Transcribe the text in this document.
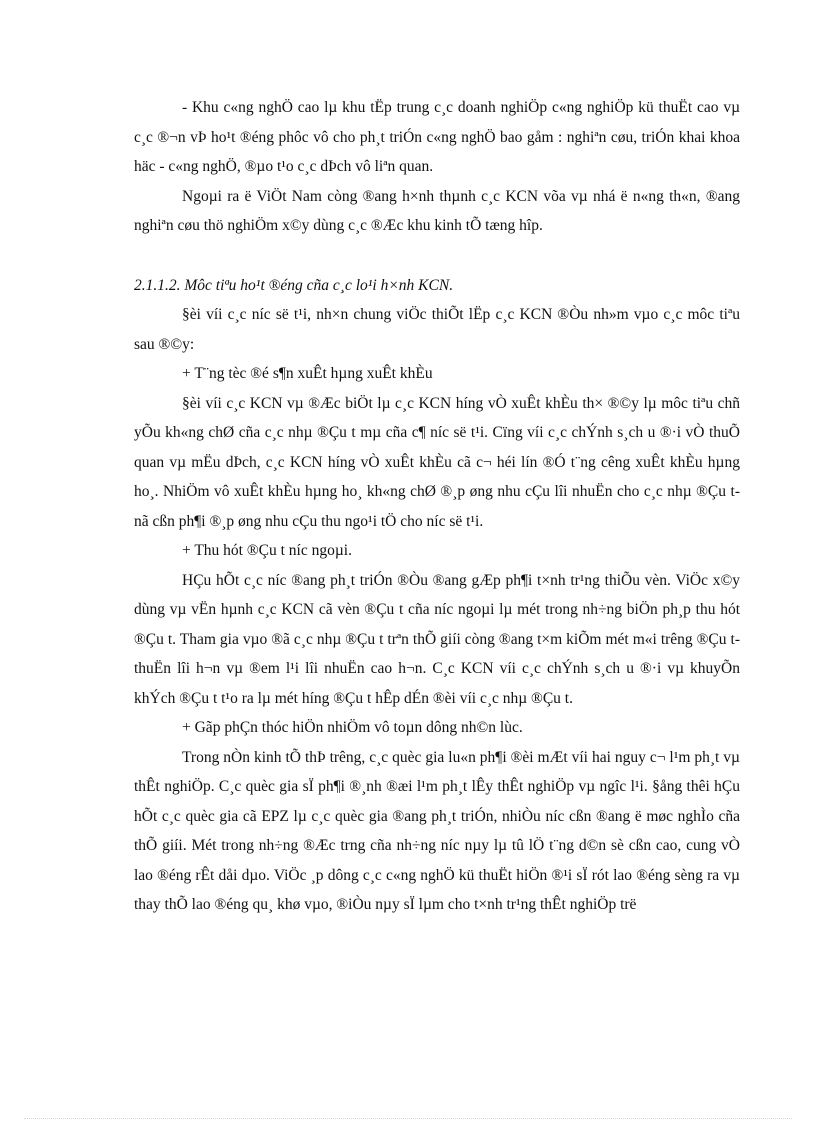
- Khu c«ng nghÖ cao lµ khu tËp trung c¸c doanh nghiÖp c«ng nghiÖp kü thuËt cao vµ c¸c ®¬n vÞ ho¹t ®éng phôc vô cho ph¸t triÓn c«ng nghÖ bao gåm : nghiªn cøu, triÓn khai khoa häc - c«ng nghÖ, ®µo t¹o c¸c dÞch vô liªn quan.

Ngoµi ra ë ViÖt Nam còng ®ang h×nh thµnh c¸c KCN võa vµ nhá ë n«ng th«n, ®ang nghiªn cøu thö nghiÖm x©y dùng c¸c ®Æc khu kinh tÕ tæng hîp.

2.1.1.2. Môc tiªu ho¹t ®éng cña c¸c lo¹i h×nh KCN.

§èi víi c¸c níc së t¹i, nh×n chung viÖc thiÕt lËp c¸c KCN ®Òu nh»m vµo c¸c môc tiªu sau ®©y:

+ T¨ng tèc ®é s¶n xuÊt hµng xuÊt khÈu

§èi víi c¸c KCN vµ ®Æc biÖt lµ c¸c KCN híng vÒ xuÊt khÈu th× ®©y lµ môc tiªu chñ yÕu kh«ng chØ cña c¸c nhµ ®Çu t mµ cña c¶ níc së t¹i. Cïng víi c¸c chÝnh s¸ch u ®·i vÒ thuÕ quan vµ mËu dÞch, c¸c KCN híng vÒ xuÊt khÈu cã c¬ héi lín ®Ó t¨ng cêng xuÊt khÈu hµng ho¸. NhiÖm vô xuÊt khÈu hµng ho¸ kh«ng chØ ®¸p øng nhu cÇu lîi nhuËn cho c¸c nhµ ®Çu t nã cßn ph¶i ®¸p øng nhu cÇu thu ngo¹i tÖ cho níc së t¹i.

+ Thu hót ®Çu t níc ngoµi.

HÇu hÕt c¸c níc ®ang ph¸t triÓn ®Òu ®ang gÆp ph¶i t×nh tr¹ng thiÕu vèn. ViÖc x©y dùng vµ vËn hµnh c¸c KCN cã vèn ®Çu t cña níc ngoµi lµ mét trong nh÷ng biÖn ph¸p thu hót ®Çu t. Tham gia vµo ®ã c¸c nhµ ®Çu t trªn thÕ giíi còng ®ang t×m kiÕm mét m«i trêng ®Çu t thuËn lîi h¬n vµ ®em l¹i lîi nhuËn cao h¬n. C¸c KCN víi c¸c chÝnh s¸ch u ®·i vµ khuyÕn khÝch ®Çu t t¹o ra lµ mét híng ®Çu t hÊp dÉn ®èi víi c¸c nhµ ®Çu t.

+ Gãp phÇn thóc hiÖn nhiÖm vô toµn dông nh©n lùc.

Trong nÒn kinh tÕ thÞ trêng, c¸c quèc gia lu«n ph¶i ®èi mÆt víi hai nguy c¬ l¹m ph¸t vµ thÊt nghiÖp. C¸c quèc gia sÏ ph¶i ®¸nh ®æi l¹m ph¸t lÊy thÊt nghiÖp vµ ngîc l¹i. §ång thêi hÇu hÕt c¸c quèc gia cã EPZ lµ c¸c quèc gia ®ang ph¸t triÓn, nhiÒu níc cßn ®ang ë møc nghÌo cña thÕ giíi. Mét trong nh÷ng ®Æc trng cña nh÷ng níc nµy lµ tû lÖ t¨ng d©n sè cßn cao, cung vÒ lao ®éng rÊt dåi dµo. ViÖc ¸p dông c¸c c«ng nghÖ kü thuËt hiÖn ®¹i sÏ rót lao ®éng sèng ra vµ thay thÕ lao ®éng qu¸ khø vµo, ®iÒu nµy sÏ lµm cho t×nh tr¹ng thÊt nghiÖp trë
